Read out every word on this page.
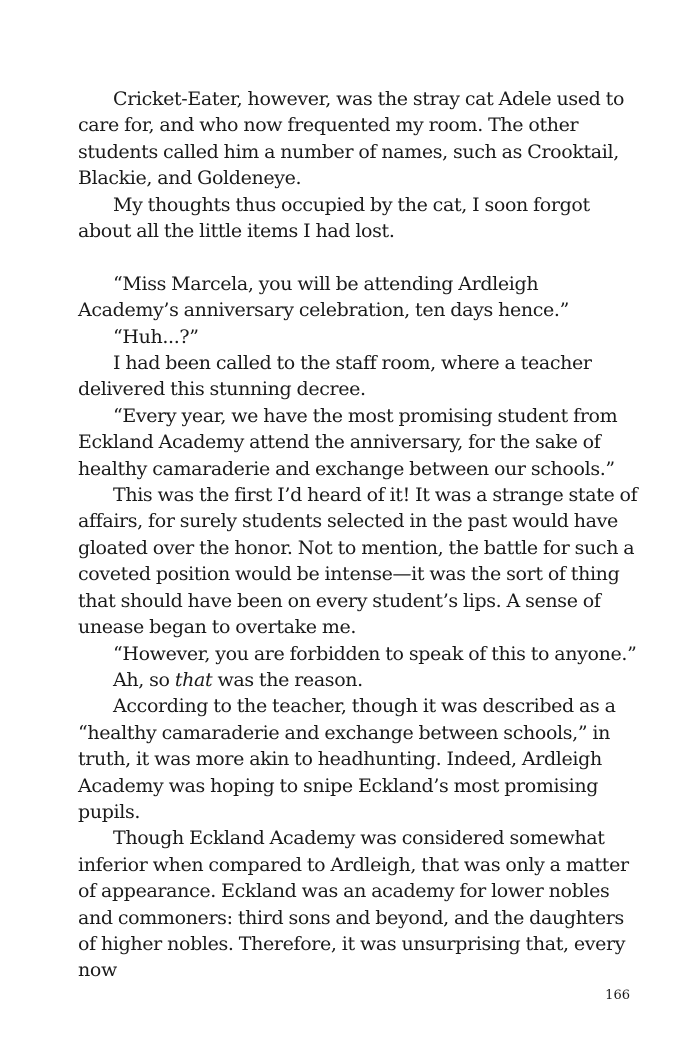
Cricket-Eater, however, was the stray cat Adele used to care for, and who now frequented my room. The other students called him a number of names, such as Crooktail, Blackie, and Goldeneye.

My thoughts thus occupied by the cat, I soon forgot about all the little items I had lost.

“Miss Marcela, you will be attending Ardleigh Academy’s anniversary celebration, ten days hence.”

“Huh...?”

I had been called to the staff room, where a teacher delivered this stunning decree.

“Every year, we have the most promising student from Eckland Academy attend the anniversary, for the sake of healthy camaraderie and exchange between our schools.”

This was the first I’d heard of it! It was a strange state of affairs, for surely students selected in the past would have gloated over the honor. Not to mention, the battle for such a coveted position would be intense—it was the sort of thing that should have been on every student’s lips. A sense of unease began to overtake me.

“However, you are forbidden to speak of this to anyone.”

Ah, so that was the reason.

According to the teacher, though it was described as a “healthy camaraderie and exchange between schools,” in truth, it was more akin to headhunting. Indeed, Ardleigh Academy was hoping to snipe Eckland’s most promising pupils.

Though Eckland Academy was considered somewhat inferior when compared to Ardleigh, that was only a matter of appearance. Eckland was an academy for lower nobles and commoners: third sons and beyond, and the daughters of higher nobles. Therefore, it was unsurprising that, every now

166
